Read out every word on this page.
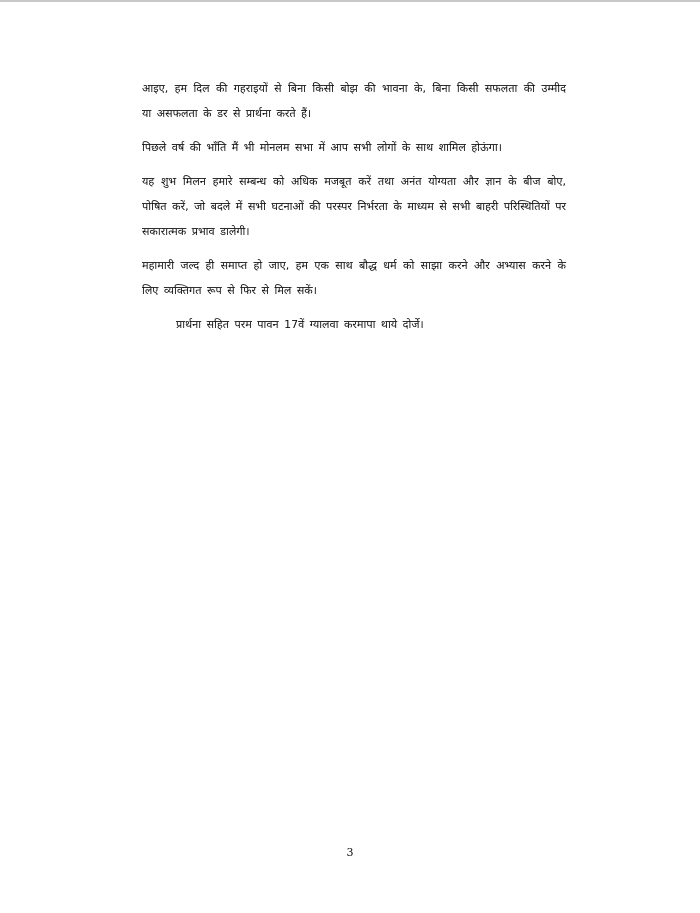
आइए, हम दिल की गहराइयों से बिना किसी बोझ की भावना के, बिना किसी सफलता की उम्मीद या असफलता के डर से प्रार्थना करते हैं।

पिछले वर्ष की भाँति मैं भी मोनलम सभा में आप सभी लोगों के साथ शामिल होऊंगा।

यह शुभ मिलन हमारे सम्बन्ध को अधिक मजबूत करें तथा अनंत योग्यता और ज्ञान के बीज बोए, पोषित करें, जो बदले में सभी घटनाओं की परस्पर निर्भरता के माध्यम से सभी बाहरी परिस्थितियों पर सकारात्मक प्रभाव डालेगी।

महामारी जल्द ही समाप्त हो जाए, हम एक साथ बौद्ध धर्म को साझा करने और अभ्यास करने के लिए व्यक्तिगत रूप से फिर से मिल सकें।

प्रार्थना सहित परम पावन 17वें ग्यालवा करमापा थाये दोर्जे।

3
